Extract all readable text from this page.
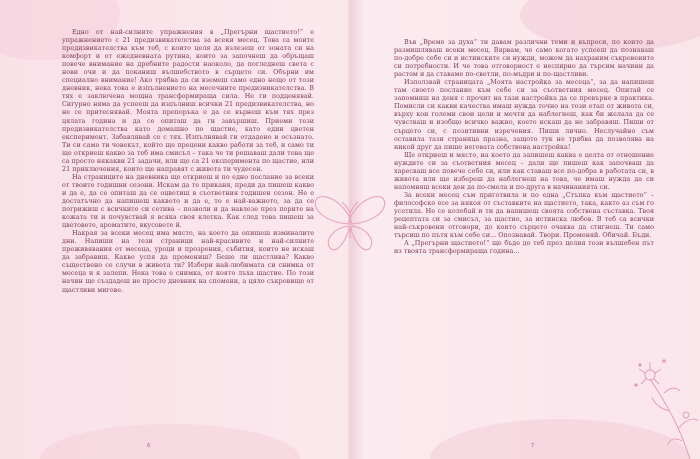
Едно от най-силните упражнения в „Прегърни щастието!“ е упражнението с 21 предизвикателства за всеки месец. Това са моите предизвикателства към теб, с които целя да излезеш от зоната си на комфорт и от ежедневната рутина, които за започнеш да обръщаш повече внимание на дребните радости наоколо, да погледнеш света с нови очи и да поканиш вълшебството в сърцето си. Обърни им специално внимание! Ако трябва да си вземеш само едно нещо от този дневник, нека това е изпълнението на месечните предизвикателства. В тях е заключена мощна трансформираща сила. Не ги подценявай. Сигурно няма да успееш да изпълниш всички 21 предизвикателства, но не се притеснявай. Моята препоръка е да се върнеш към тях през цялата година и да се опиташ да ги завършиш. Приеми тези предизвикателства като домашно по щастие, като един цветен експеримент. Забавлявай се с тях. Изпълнявай ги отдадено и осъзнато. Ти си само ти човекът, който ще прецени какво работи за теб, и само ти ще откриеш какво за теб има смисъл – така че ти решаваш дали това ще са просто някакви 21 задачи, или ще са 21 експеримента по щастие, или 21 приключения, които ще направят с живота ти чудесен.

На страниците на дневника ще откриеш и по едно послание за всеки от твоите годишни сезони. Искам да те приканя, преди да пишеш какво и да е, да се опиташ да се оцветиш в съответния годишен сезон. Не е достатъчно да напишеш каквото и да е, то е най-важното, за да се погрижиш с всичките си сетива – позволи и да навлезе през порите на кожата ти и почувствай я всяка своя клетка. Как след това пишеш за цветовете, ароматите, вкусовете й.

Накрая за всеки месец има място, на което да опишеш изминалите дни. Напиши на тези страници най-красивите и най-силните преживявания от месеца, уроци и прозрения, събития, които не искаш да забравиш. Какво успя да промениш? Беше ли щастлива? Какво съществено се случи в живота ти? Избери най-любимата си снимка от месеца и я залепи. Нека това е снимка, от която лъха щастие. По този начин ще създадеш не просто дневник на спомени, а цяло съкровище от щастливи мигове.

Във „Време за духа“ ти давам различни теми и въпроси, по които да размишляваш всеки месец. Вярвам, че само когато успееш да познаваш по-добре себе си и истинските си нужди, можем да нахраним съкровените си потребности. И че това отговорност е неспирно да търсим начини да растем и да ставаме по-светли, по-мъдри и по-щастливи.

Използвай страницата „Моята настройка за месеца“, за да напишеш там своето послание към себе си за съответния месец. Опитай се запомниш на деня с прочит на тази настройка да се превърне в практика. Помисли си какви качества имаш нужда точно на този етап от живота си, върху кои големи свои цели и мечти да наблегнеш, как би желала да се чувстваш и изобщо всичко важно, което искаш да не забравяш. Пиши от сърцето си, с позитивни изречения. Пиши лично. Неслучайно съм оставила тази страница празна, защото тук не трябва да позволява на никой друг да пише неговата собствена настройка!

Ще откриеш и място, на което да запишеш каква е целта от отношение нуждите си за съответния месец – дали ще пишеш как започваш да харесваш все повече себе си, или как ставаш все по-добра в работата си, в живота или ще избереш да наблегнеш на това, че имаш нужда да си напомняш всеки ден да по-смела и по-друга в начинанията си.

За всеки месец съм приготвила и по една „Стъпка към щастието“ – философско есе за някоя от съставките на щастието, така, както аз съм го усетила. Не се колебай и ти да напишеш своята собствена съставка. Твоя рецептата си за смисъл, за щастие, за истинска любов. В теб са всички най-съкровени отговори, до които сърцето очаква да стигнеш. Ти само търсиш по пътя към себе си... Опознавай. Твори. Променяй. Обичай. Бъди.

А „Прегърни щастието!“ ще бъде до теб през целия този вълшебен път из твоята трансформираща година...

6	7
